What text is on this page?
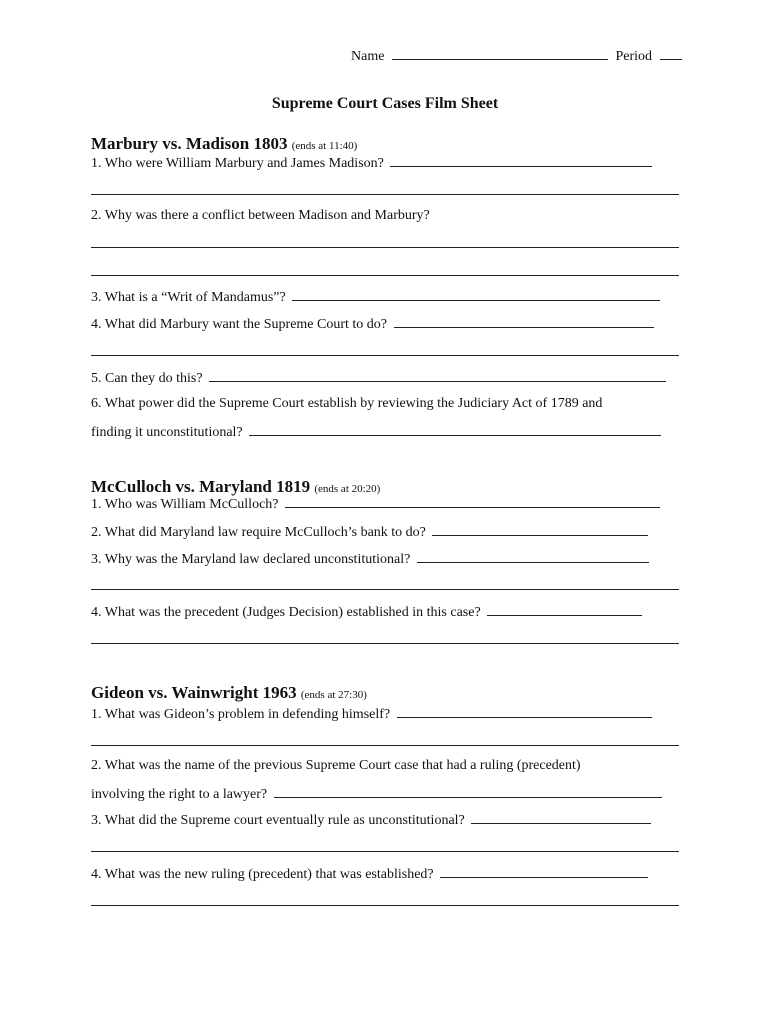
Name	Period
Supreme Court Cases Film Sheet
Marbury vs. Madison 1803 (ends at 11:40)
1. Who were William Marbury and James Madison?
2. Why was there a conflict between Madison and Marbury?
3. What is a “Writ of Mandamus”?
4. What did Marbury want the Supreme Court to do?
5. Can they do this?
6. What power did the Supreme Court establish by reviewing the Judiciary Act of 1789 and
finding it unconstitutional?
McCulloch vs. Maryland 1819 (ends at 20:20)
1. Who was William McCulloch?
2. What did Maryland law require McCulloch’s bank to do?
3. Why was the Maryland law declared unconstitutional?
4. What was the precedent (Judges Decision) established in this case?
Gideon vs. Wainwright 1963 (ends at 27:30)
1. What was Gideon’s problem in defending himself?
2. What was the name of the previous Supreme Court case that had a ruling (precedent)
involving the right to a lawyer?
3. What did the Supreme court eventually rule as unconstitutional?
4. What was the new ruling (precedent) that was established?
